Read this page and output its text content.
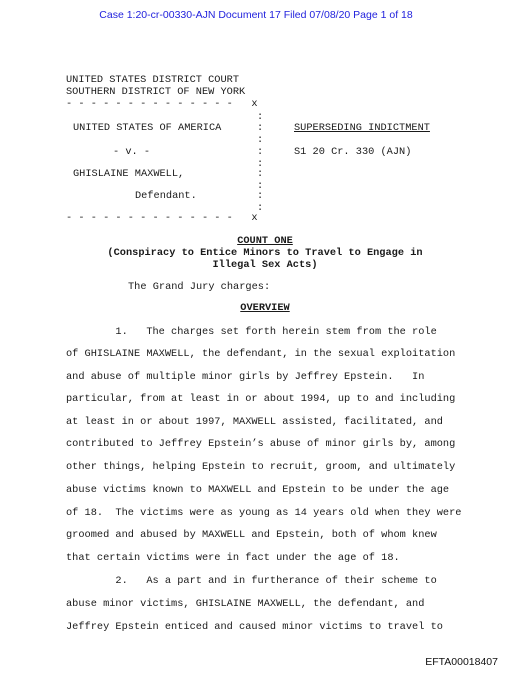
Case 1:20-cr-00330-AJN Document 17 Filed 07/08/20 Page 1 of 18
UNITED STATES DISTRICT COURT
SOUTHERN DISTRICT OF NEW YORK
- - - - - - - - - - - - - -   x
:
UNITED STATES OF AMERICA	:	SUPERSEDING INDICTMENT
:
- v. -	:	S1 20 Cr. 330 (AJN)
:
GHISLAINE MAXWELL,	:
:
Defendant.	:
:
- - - - - - - - - - - - - -   x
COUNT ONE
(Conspiracy to Entice Minors to Travel to Engage in
Illegal Sex Acts)
The Grand Jury charges:
OVERVIEW
1.   The charges set forth herein stem from the role
of GHISLAINE MAXWELL, the defendant, in the sexual exploitation
and abuse of multiple minor girls by Jeffrey Epstein.   In
particular, from at least in or about 1994, up to and including
at least in or about 1997, MAXWELL assisted, facilitated, and
contributed to Jeffrey Epstein’s abuse of minor girls by, among
other things, helping Epstein to recruit, groom, and ultimately
abuse victims known to MAXWELL and Epstein to be under the age
of 18.  The victims were as young as 14 years old when they were
groomed and abused by MAXWELL and Epstein, both of whom knew
that certain victims were in fact under the age of 18.
2.   As a part and in furtherance of their scheme to
abuse minor victims, GHISLAINE MAXWELL, the defendant, and
Jeffrey Epstein enticed and caused minor victims to travel to
EFTA00018407
